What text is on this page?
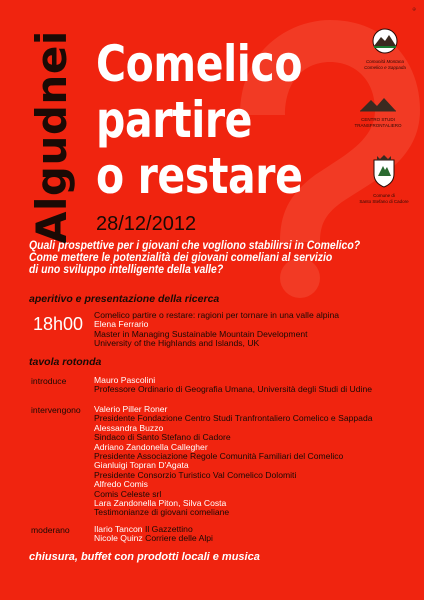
⊕
Algudnei Comelico
partire
o restare
28/12/2012
Comunità Montana
Comelico e Sappada
CENTRO STUDI
TRANSFRONTALIERO
Comune di
Santo Stefano di Cadore
Quali prospettive per i giovani che vogliono stabilirsi in Comelico?
Come mettere le potenzialità dei giovani comeliani al servizio
di uno sviluppo intelligente della valle?
aperitivo e presentazione della ricerca
18h00 Comelico partire o restare: ragioni per tornare in una valle alpina
Elena Ferrario
Master in Managing Sustainable Mountain Development
University of the Highlands and Islands, UK
tavola rotonda
introduce	Mauro Pascolini
Professore Ordinario di Geografia Umana, Università degli Studi di Udine
intervengono Valerio Piller Roner
Presidente Fondazione Centro Studi Tranfrontaliero Comelico e Sappada
Alessandra Buzzo
Sindaco di Santo Stefano di Cadore
Adriano Zandonella Callegher
Presidente Associazione Regole Comunità Familiari del Comelico
Gianluigi Topran D'Agata
Presidente Consorzio Turistico Val Comelico Dolomiti
Alfredo Comis
Comis Celeste srl
Lara Zandonella Piton, Silva Costa
Testimonianze di giovani comeliane
moderano	Ilario Tancon Il Gazzettino
Nicole Quinz Corriere delle Alpi
chiusura, buffet con prodotti locali e musica
